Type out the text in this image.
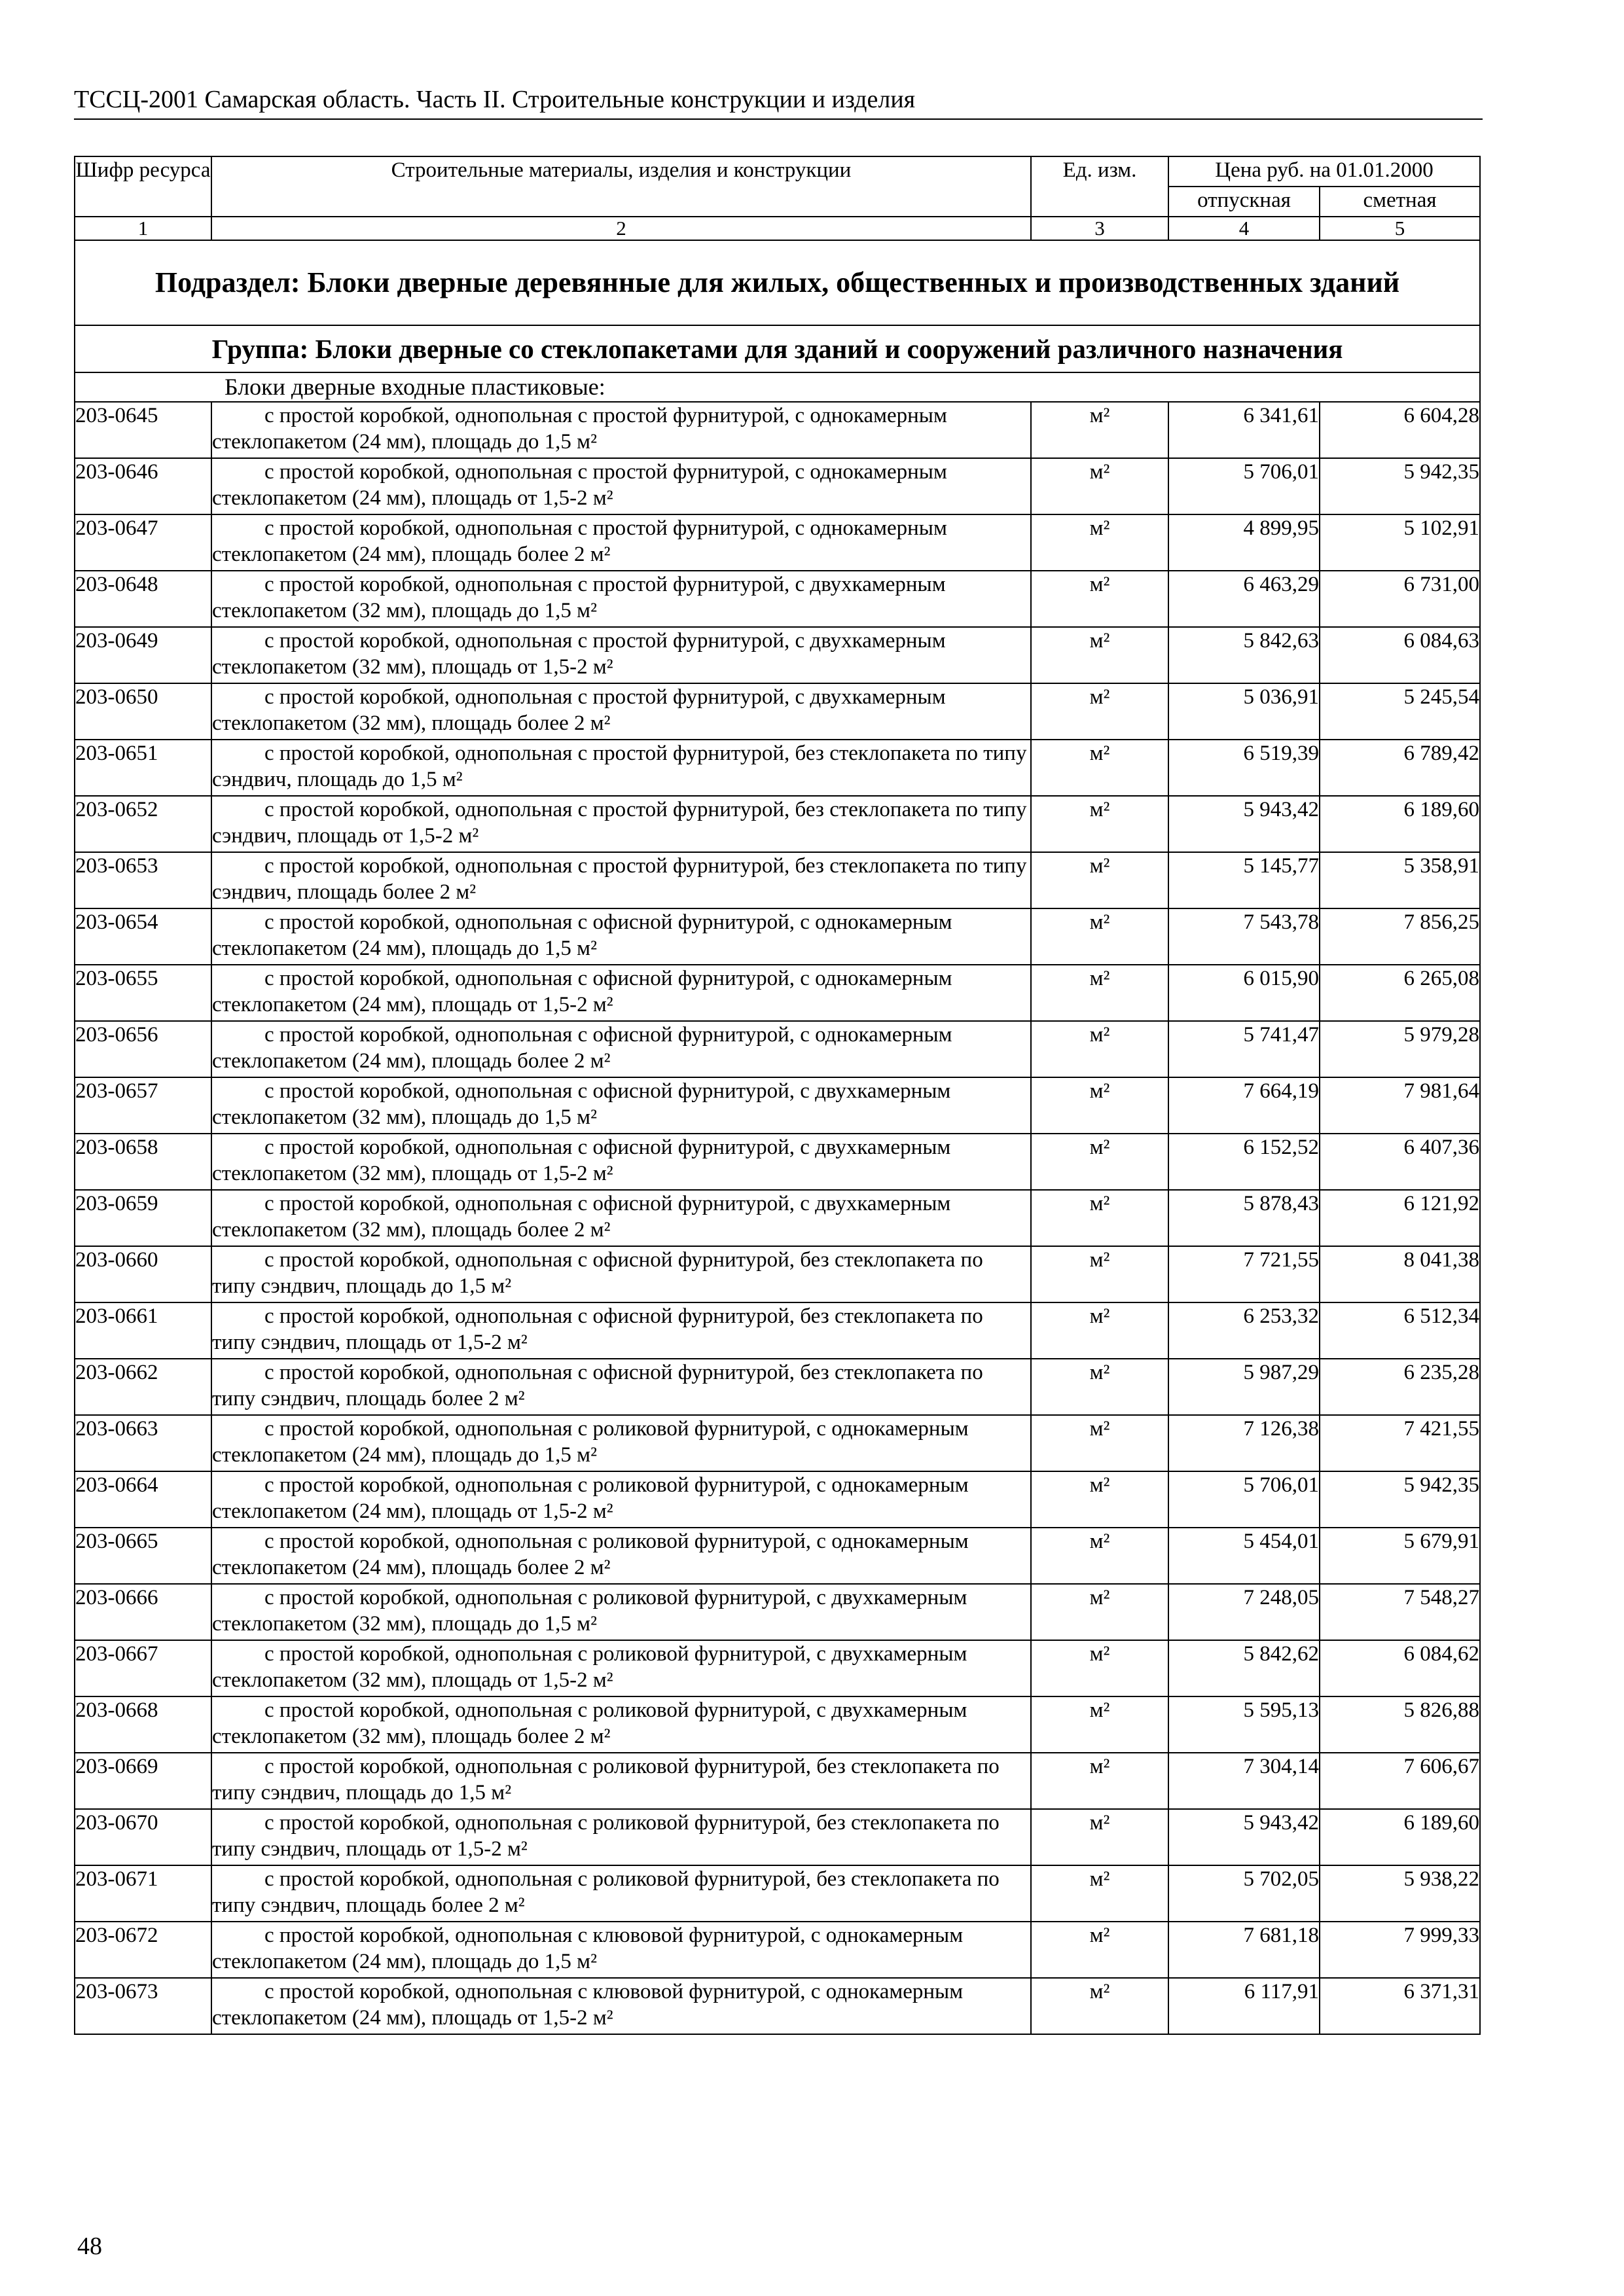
ТССЦ-2001 Самарская область. Часть II. Строительные конструкции и изделия
Шифр ресурса	Строительные материалы, изделия и конструкции	Ед. изм.	Цена руб. на 01.01.2000	
			отпускная	сметная
1	2	3	4	5
Подраздел: Блоки дверные деревянные для жилых, общественных и производственных зданий				
Группа: Блоки дверные со стеклопакетами для зданий и сооружений различного назначения				
Блоки дверные входные пластиковые:				
203-0645	с простой коробкой, однопольная с простой фурнитурой, с однокамерным стеклопакетом (24 мм), площадь до 1,5 м²	м²	6 341,61	6 604,28
203-0646	с простой коробкой, однопольная с простой фурнитурой, с однокамерным стеклопакетом (24 мм), площадь от 1,5-2 м²	м²	5 706,01	5 942,35
203-0647	с простой коробкой, однопольная с простой фурнитурой, с однокамерным стеклопакетом (24 мм), площадь более 2 м²	м²	4 899,95	5 102,91
203-0648	с простой коробкой, однопольная с простой фурнитурой, с двухкамерным стеклопакетом (32 мм), площадь до 1,5 м²	м²	6 463,29	6 731,00
203-0649	с простой коробкой, однопольная с простой фурнитурой, с двухкамерным стеклопакетом (32 мм), площадь от 1,5-2 м²	м²	5 842,63	6 084,63
203-0650	с простой коробкой, однопольная с простой фурнитурой, с двухкамерным стеклопакетом (32 мм), площадь более 2 м²	м²	5 036,91	5 245,54
203-0651	с простой коробкой, однопольная с простой фурнитурой, без стеклопакета по типу сэндвич, площадь до 1,5 м²	м²	6 519,39	6 789,42
203-0652	с простой коробкой, однопольная с простой фурнитурой, без стеклопакета по типу сэндвич, площадь от 1,5-2 м²	м²	5 943,42	6 189,60
203-0653	с простой коробкой, однопольная с простой фурнитурой, без стеклопакета по типу сэндвич, площадь более 2 м²	м²	5 145,77	5 358,91
203-0654	с простой коробкой, однопольная с офисной фурнитурой, с однокамерным стеклопакетом (24 мм), площадь до 1,5 м²	м²	7 543,78	7 856,25
203-0655	с простой коробкой, однопольная с офисной фурнитурой, с однокамерным стеклопакетом (24 мм), площадь от 1,5-2 м²	м²	6 015,90	6 265,08
203-0656	с простой коробкой, однопольная с офисной фурнитурой, с однокамерным стеклопакетом (24 мм), площадь более 2 м²	м²	5 741,47	5 979,28
203-0657	с простой коробкой, однопольная с офисной фурнитурой, с двухкамерным стеклопакетом (32 мм), площадь до 1,5 м²	м²	7 664,19	7 981,64
203-0658	с простой коробкой, однопольная с офисной фурнитурой, с двухкамерным стеклопакетом (32 мм), площадь от 1,5-2 м²	м²	6 152,52	6 407,36
203-0659	с простой коробкой, однопольная с офисной фурнитурой, с двухкамерным стеклопакетом (32 мм), площадь более 2 м²	м²	5 878,43	6 121,92
203-0660	с простой коробкой, однопольная с офисной фурнитурой, без стеклопакета по типу сэндвич, площадь до 1,5 м²	м²	7 721,55	8 041,38
203-0661	с простой коробкой, однопольная с офисной фурнитурой, без стеклопакета по типу сэндвич, площадь от 1,5-2 м²	м²	6 253,32	6 512,34
203-0662	с простой коробкой, однопольная с офисной фурнитурой, без стеклопакета по типу сэндвич, площадь более 2 м²	м²	5 987,29	6 235,28
203-0663	с простой коробкой, однопольная с роликовой фурнитурой, с однокамерным стеклопакетом (24 мм), площадь до 1,5 м²	м²	7 126,38	7 421,55
203-0664	с простой коробкой, однопольная с роликовой фурнитурой, с однокамерным стеклопакетом (24 мм), площадь от 1,5-2 м²	м²	5 706,01	5 942,35
203-0665	с простой коробкой, однопольная с роликовой фурнитурой, с однокамерным стеклопакетом (24 мм), площадь более 2 м²	м²	5 454,01	5 679,91
203-0666	с простой коробкой, однопольная с роликовой фурнитурой, с двухкамерным стеклопакетом (32 мм), площадь до 1,5 м²	м²	7 248,05	7 548,27
203-0667	с простой коробкой, однопольная с роликовой фурнитурой, с двухкамерным стеклопакетом (32 мм), площадь от 1,5-2 м²	м²	5 842,62	6 084,62
203-0668	с простой коробкой, однопольная с роликовой фурнитурой, с двухкамерным стеклопакетом (32 мм), площадь более 2 м²	м²	5 595,13	5 826,88
203-0669	с простой коробкой, однопольная с роликовой фурнитурой, без стеклопакета по типу сэндвич, площадь до 1,5 м²	м²	7 304,14	7 606,67
203-0670	с простой коробкой, однопольная с роликовой фурнитурой, без стеклопакета по типу сэндвич, площадь от 1,5-2 м²	м²	5 943,42	6 189,60
203-0671	с простой коробкой, однопольная с роликовой фурнитурой, без стеклопакета по типу сэндвич, площадь более 2 м²	м²	5 702,05	5 938,22
203-0672	с простой коробкой, однопольная с клювовой фурнитурой, с однокамерным стеклопакетом (24 мм), площадь до 1,5 м²	м²	7 681,18	7 999,33
203-0673	с простой коробкой, однопольная с клювовой фурнитурой, с однокамерным стеклопакетом (24 мм), площадь от 1,5-2 м²	м²	6 117,91	6 371,31
48
